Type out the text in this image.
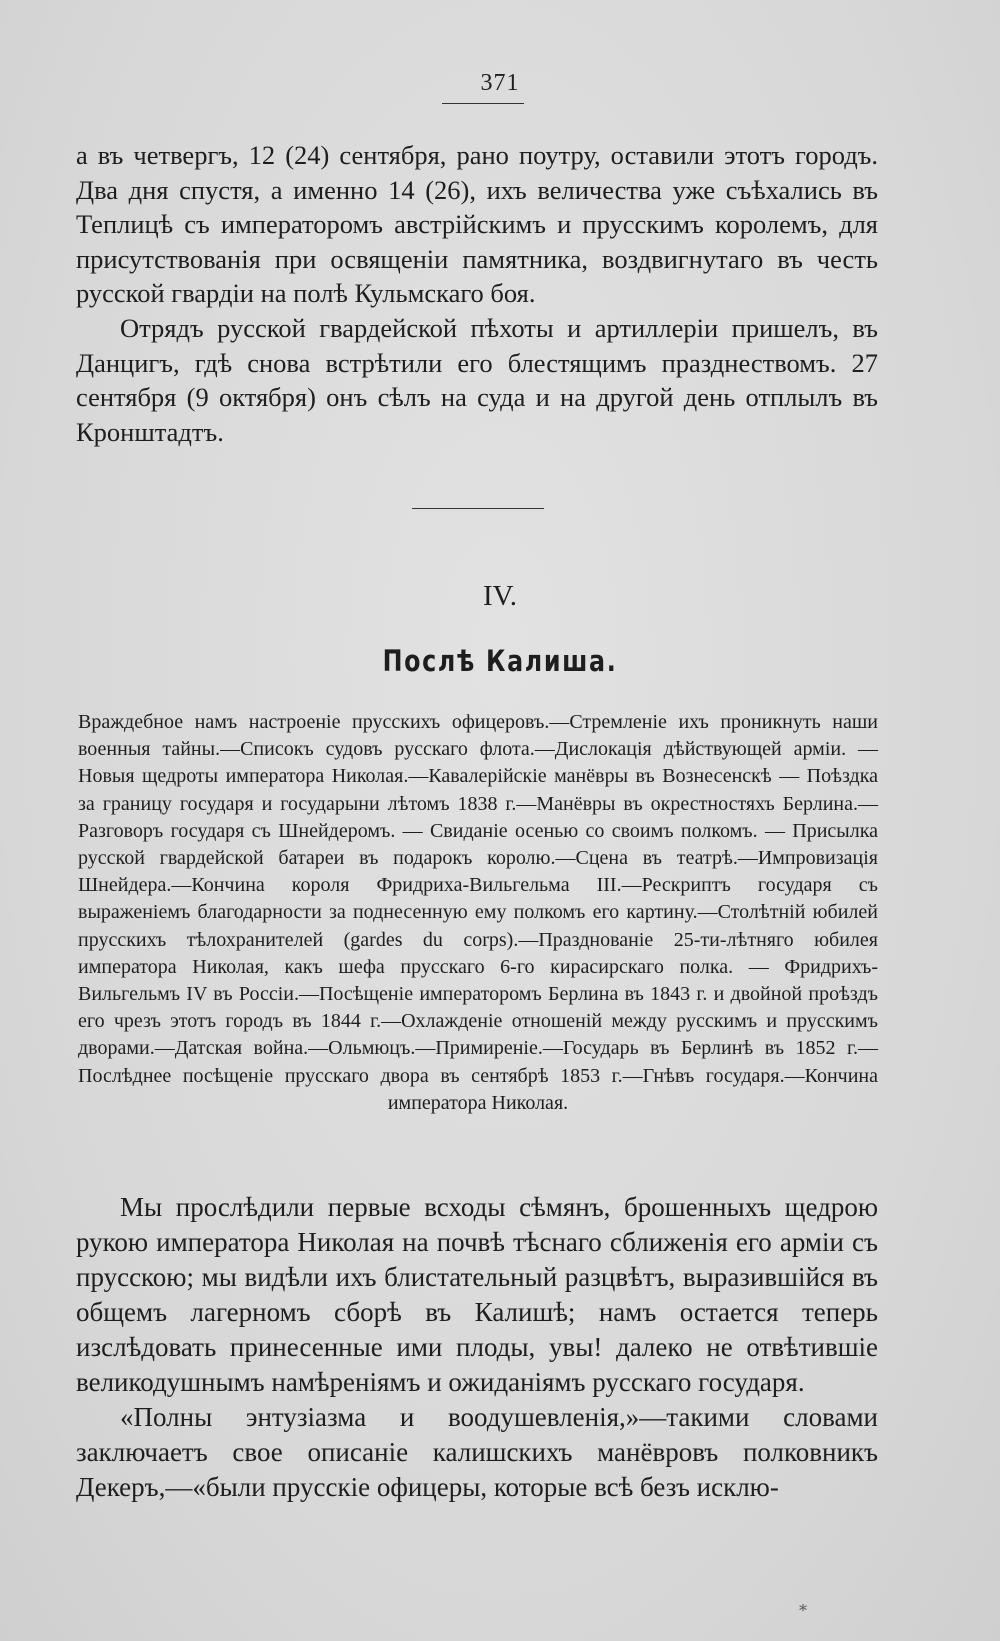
371

а въ четвергъ, 12 (24) сентября, рано поутру, оставили этотъ городъ. Два дня спустя, а именно 14 (26), ихъ величества уже съѣхались въ Теплицѣ съ императоромъ австрійскимъ и прусскимъ королемъ, для присутствованія при освященіи памятника, воздвигнутаго въ честь русской гвардіи на полѣ Кульмскаго боя.

Отрядъ русской гвардейской пѣхоты и артиллеріи пришелъ, въ Данцигъ, гдѣ снова встрѣтили его блестящимъ празднествомъ. 27 сентября (9 октября) онъ сѣлъ на суда и на другой день отплылъ въ Кронштадтъ.

IV.
Послѣ Калиша.

Враждебное намъ настроеніе прусскихъ офицеровъ.—Стремленіе ихъ проникнуть наши военныя тайны.—Списокъ судовъ русскаго флота.—Дислокація дѣйствующей арміи. — Новыя щедроты императора Николая.—Кавалерійскіе манёвры въ Вознесенскѣ — Поѣздка за границу государя и государыни лѣтомъ 1838 г.—Манёвры въ окрестностяхъ Берлина.—Разговоръ государя съ Шнейдеромъ. — Свиданіе осенью со своимъ полкомъ. — Присылка русской гвардейской батареи въ подарокъ королю.—Сцена въ театрѣ.—Импровизація Шнейдера.—Кончина короля Фридриха-Вильгельма III.—Рескриптъ государя съ выраженіемъ благодарности за поднесенную ему полкомъ его картину.—Столѣтній юбилей прусскихъ тѣлохранителей (gardes du corps).—Празднованіе 25-ти-лѣтняго юбилея императора Николая, какъ шефа прусскаго 6-го кирасирскаго полка. — Фридрихъ-Вильгельмъ IV въ Россіи.—Посѣщеніе императоромъ Берлина въ 1843 г. и двойной проѣздъ его чрезъ этотъ городъ въ 1844 г.—Охлажденіе отношеній между русскимъ и прусскимъ дворами.—Датская война.—Ольмюцъ.—Примиреніе.—Государь въ Берлинѣ въ 1852 г.—Послѣднее посѣщеніе прусскаго двора въ сентябрѣ 1853 г.—Гнѣвъ государя.—Кончина императора Николая.

Мы прослѣдили первые всходы сѣмянъ, брошенныхъ щедрою рукою императора Николая на почвѣ тѣснаго сближенія его арміи съ прусскою; мы видѣли ихъ блистательный разцвѣтъ, выразившійся въ общемъ лагерномъ сборѣ въ Калишѣ; намъ остается теперь изслѣдовать принесенные ими плоды, увы! далеко не отвѣтившіе великодушнымъ намѣреніямъ и ожиданіямъ русскаго государя.

«Полны энтузіазма и воодушевленія,»—такими словами заключаетъ свое описаніе калишскихъ манёвровъ полковникъ Декеръ,—«были прусскіе офицеры, которые всѣ безъ исклю-

*
